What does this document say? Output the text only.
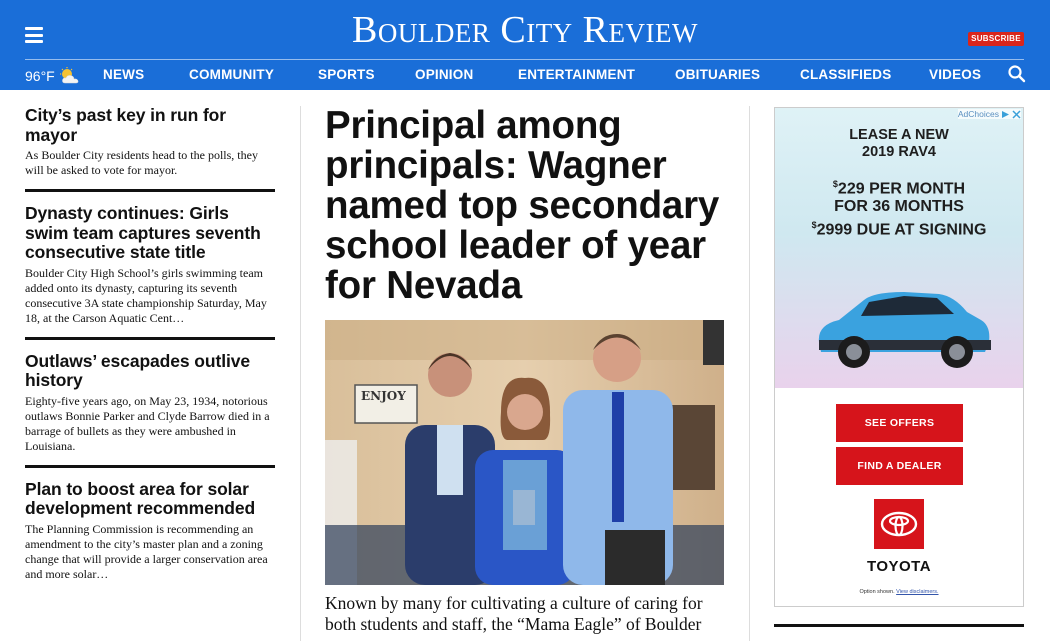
Boulder City Review	SUBSCRIBE
96°F	NEWS	COMMUNITY	SPORTS	OPINION	ENTERTAINMENT	OBITUARIES	CLASSIFIEDS	VIDEOS
City’s past key in run for mayor

As Boulder City residents head to the polls, they will be asked to vote for mayor.

Dynasty continues: Girls swim team captures seventh consecutive state title

Boulder City High School’s girls swimming team added onto its dynasty, capturing its seventh consecutive 3A state championship Saturday, May 18, at the Carson Aquatic Cent…

Outlaws’ escapades outlive history

Eighty-five years ago, on May 23, 1934, notorious outlaws Bonnie Parker and Clyde Barrow died in a barrage of bullets as they were ambushed in Louisiana.

Plan to boost area for solar development recommended

The Planning Commission is recommending an amendment to the city’s master plan and a zoning change that will provide a larger conservation area and more solar…

Principal among principals: Wagner named top secondary school leader of year for Nevada
ENJOY

Known by many for cultivating a culture of caring for both students and staff, the “Mama Eagle” of Boulder

AdChoices
LEASE A NEW
2019 RAV4
$229 PER MONTH
FOR 36 MONTHS
$2999 DUE AT SIGNING
SEE OFFERS
FIND A DEALER
TOYOTA
Option shown. View disclaimers.
